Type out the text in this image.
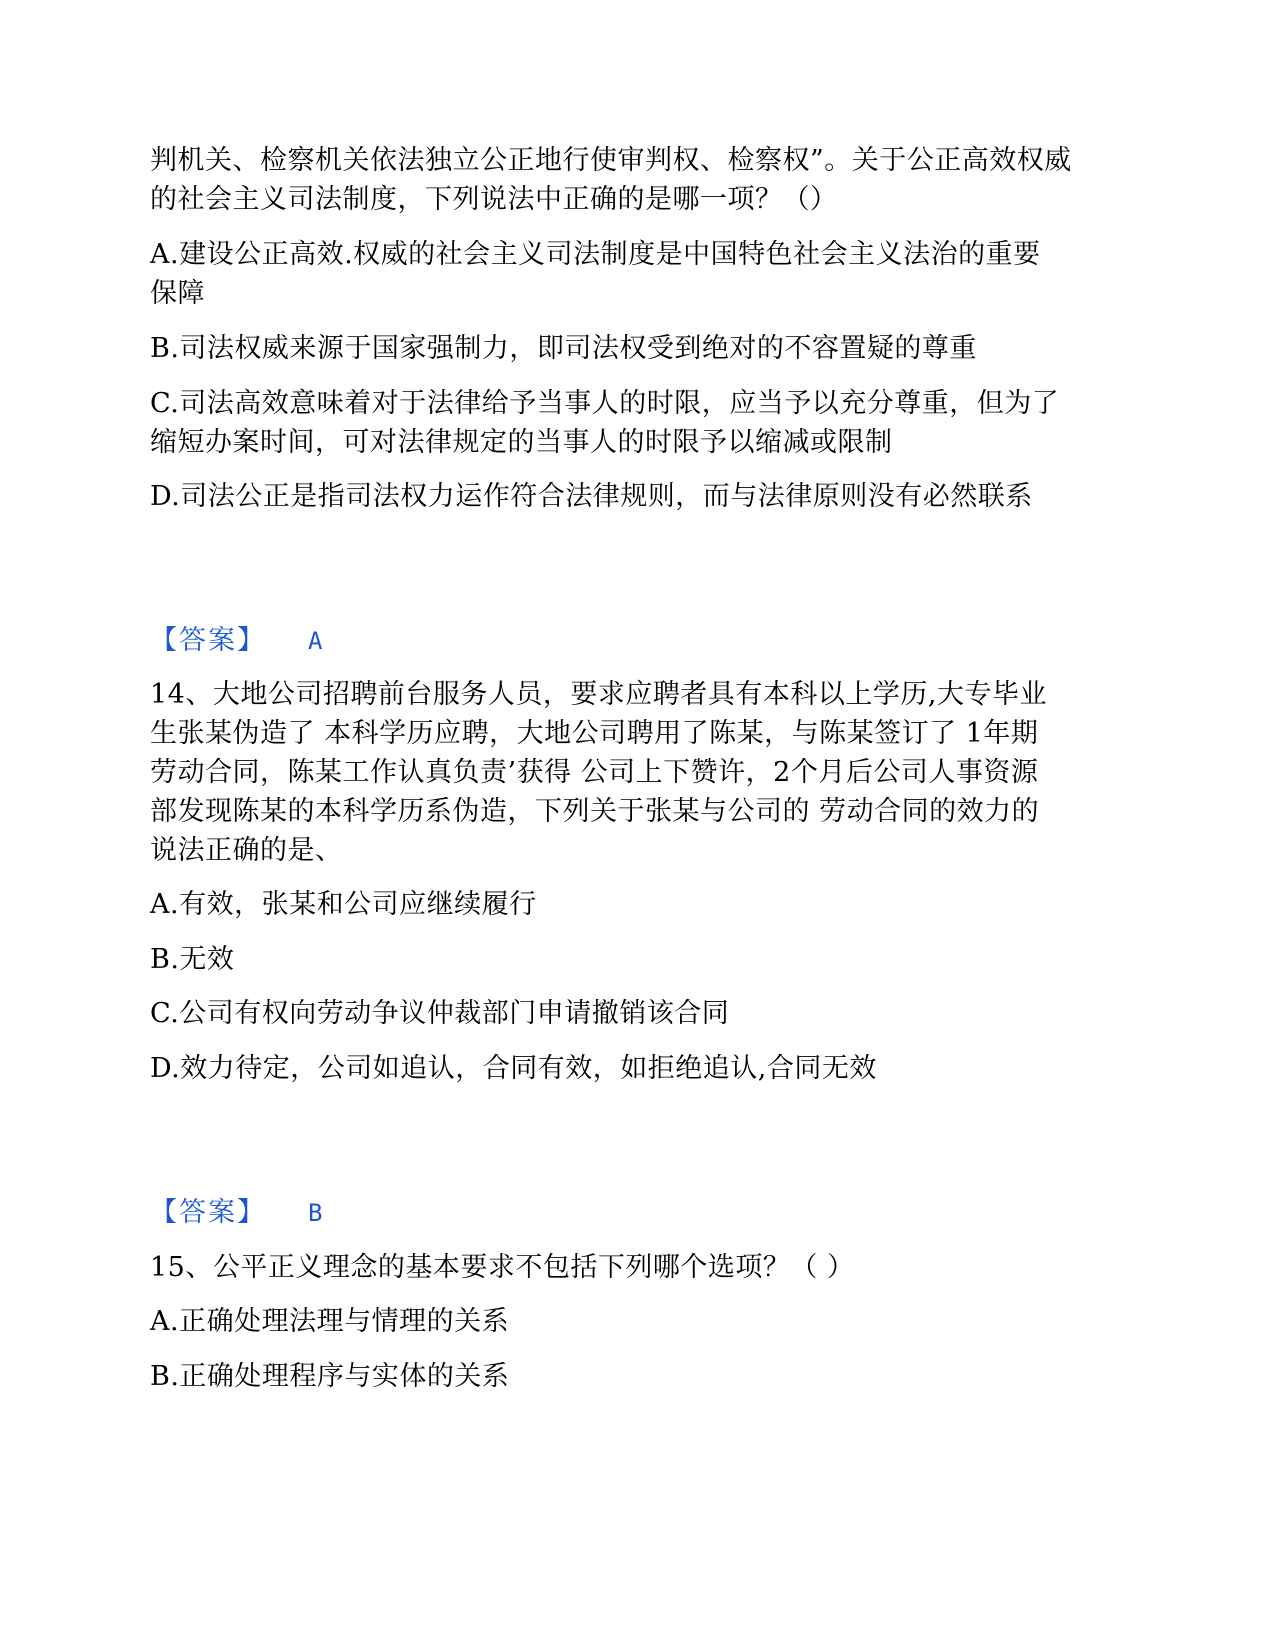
判机关、检察机关依法独立公正地行使审判权、检察权”。关于公正高效权威
的社会主义司法制度，下列说法中正确的是哪一项？（）
A.建设公正高效.权威的社会主义司法制度是中国特色社会主义法治的重要
保障
B.司法权威来源于国家强制力，即司法权受到绝对的不容置疑的尊重
C.司法高效意味着对于法律给予当事人的时限，应当予以充分尊重，但为了
缩短办案时间，可对法律规定的当事人的时限予以缩减或限制
D.司法公正是指司法权力运作符合法律规则，而与法律原则没有必然联系
【答案】 A
14、大地公司招聘前台服务人员，要求应聘者具有本科以上学历,大专毕业
生张某伪造了 本科学历应聘，大地公司聘用了陈某，与陈某签订了 1年期
劳动合同，陈某工作认真负责’获得 公司上下赞许，2个月后公司人事资源
部发现陈某的本科学历系伪造，下列关于张某与公司的 劳动合同的效力的
说法正确的是、
A.有效，张某和公司应继续履行
B.无效
C.公司有权向劳动争议仲裁部门申请撤销该合同
D.效力待定，公司如追认，合同有效，如拒绝追认,合同无效
【答案】 B
15、公平正义理念的基本要求不包括下列哪个选项？（ ）
A.正确处理法理与情理的关系
B.正确处理程序与实体的关系
